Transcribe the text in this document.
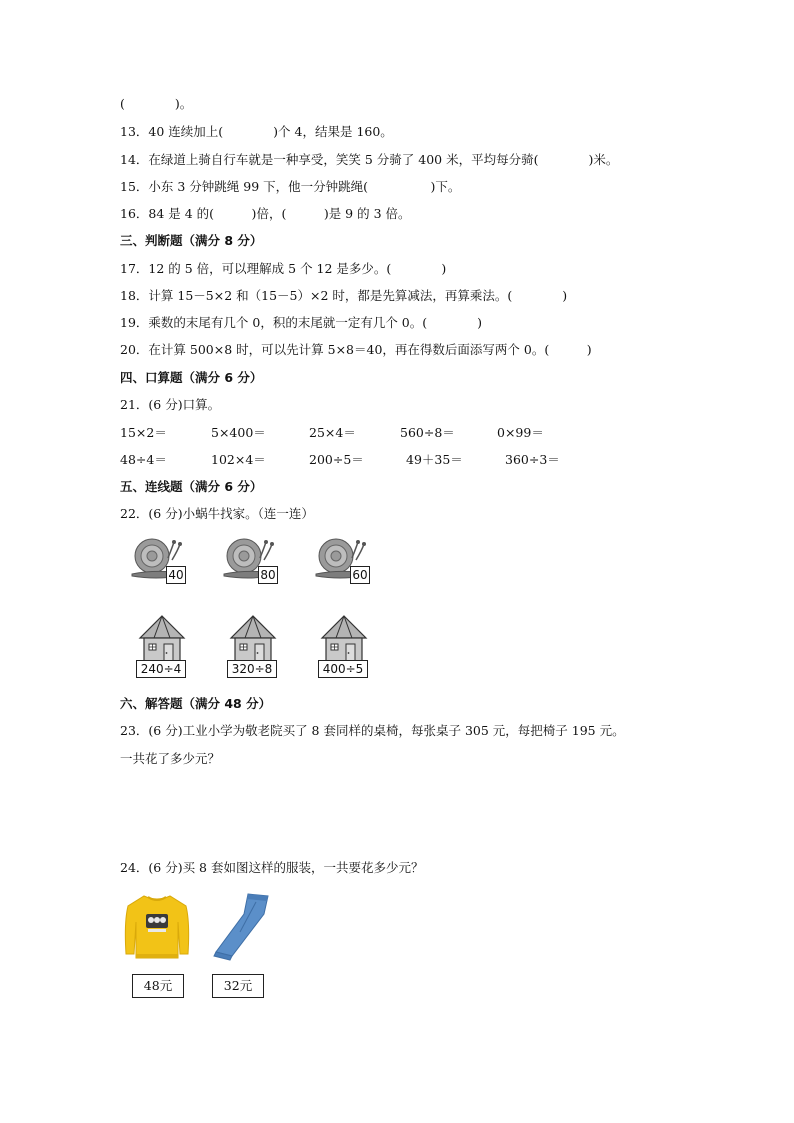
(　　　　)。
13．40 连续加上(　　　　)个 4，结果是 160。
14．在绿道上骑自行车就是一种享受，笑笑 5 分骑了 400 米，平均每分骑(　　　　)米。
15．小东 3 分钟跳绳 99 下，他一分钟跳绳(　　　　　)下。
16．84 是 4 的(　　　)倍，(　　　)是 9 的 3 倍。
三、判断题（满分 8 分）
17．12 的 5 倍，可以理解成 5 个 12 是多少。(　　　　)
18．计算 15－5×2 和（15－5）×2 时，都是先算减法，再算乘法。(　　　　)
19．乘数的末尾有几个 0，积的末尾就一定有几个 0。(　　　　)
20．在计算 500×8 时，可以先计算 5×8＝40，再在得数后面添写两个 0。(　　　)
四、口算题（满分 6 分）
21．(6 分)口算。
15×2＝	5×400＝	25×4＝	560÷8＝	0×99＝
48÷4＝	102×4＝	200÷5＝	49＋35＝	360÷3＝
五、连线题（满分 6 分）
22．(6 分)小蜗牛找家。（连一连）
40	80	60
240÷4	320÷8	400÷5
六、解答题（满分 48 分）
23．(6 分)工业小学为敬老院买了 8 套同样的桌椅，每张桌子 305 元，每把椅子 195 元。
一共花了多少元？
24．(6 分)买 8 套如图这样的服装，一共要花多少元？
48元	32元
